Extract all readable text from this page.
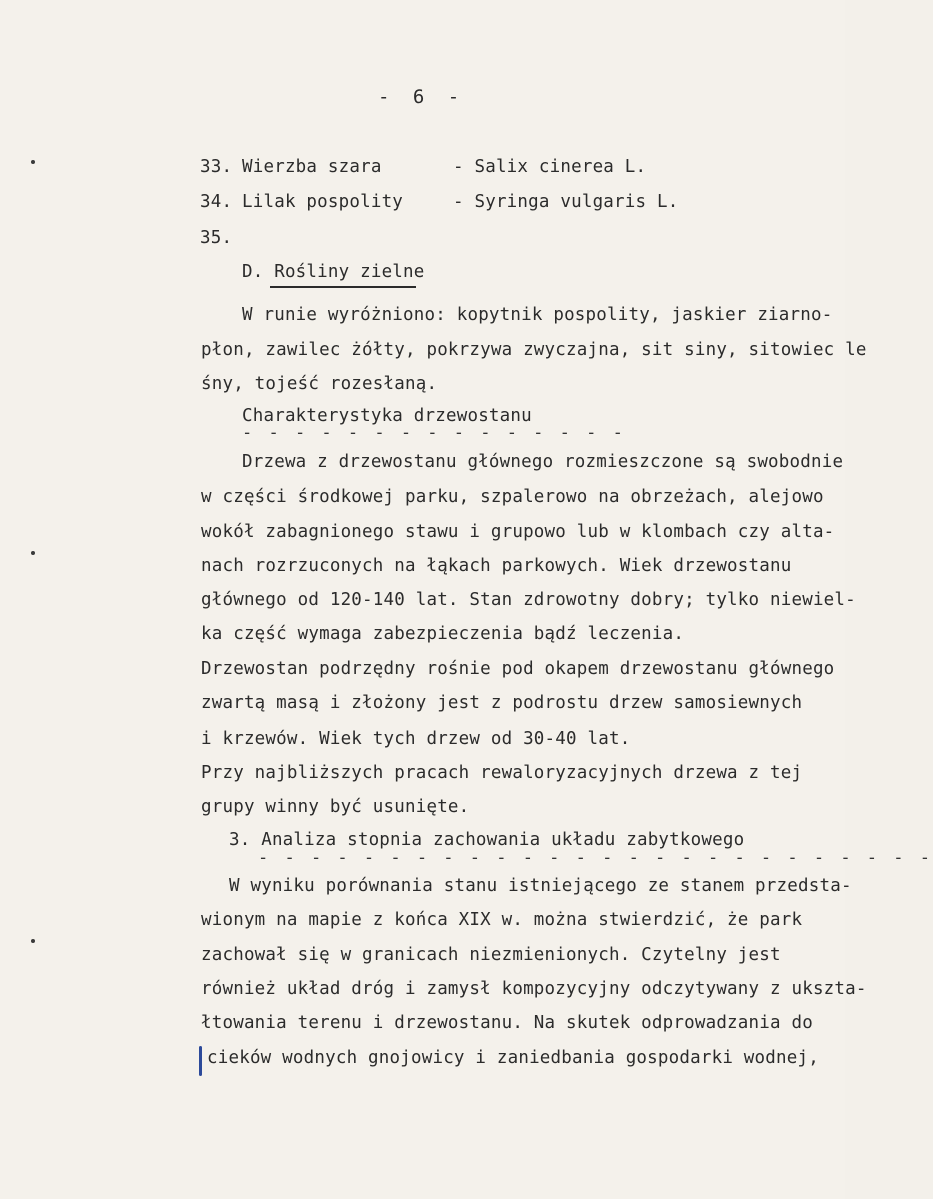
- 6 -
33. Wierzba szara	- Salix cinerea L.
34. Lilak pospolity	- Syringa vulgaris L.
35.
D. Rośliny zielne
W runie wyróżniono: kopytnik pospolity, jaskier ziarno-
płon, zawilec żółty, pokrzywa zwyczajna, sit siny, sitowiec le
śny, tojeść rozesłaną.
Charakterystyka drzewostanu
- - - - - - - - - - - - - - -
Drzewa z drzewostanu głównego rozmieszczone są swobodnie
w części środkowej parku, szpalerowo na obrzeżach, alejowo
wokół zabagnionego stawu i grupowo lub w klombach czy alta-
nach rozrzuconych na łąkach parkowych. Wiek drzewostanu
głównego od 120-140 lat. Stan zdrowotny dobry; tylko niewiel-
ka część wymaga zabezpieczenia bądź leczenia.
Drzewostan podrzędny rośnie pod okapem drzewostanu głównego
zwartą masą i złożony jest z podrostu drzew samosiewnych
i krzewów. Wiek tych drzew od 30-40 lat.
Przy najbliższych pracach rewaloryzacyjnych drzewa z tej
grupy winny być usunięte.
3. Analiza stopnia zachowania układu zabytkowego
- - - - - - - - - - - - - - - - - - - - - - - - - -
W wyniku porównania stanu istniejącego ze stanem przedsta-
wionym na mapie z końca XIX w. można stwierdzić, że park
zachował się w granicach niezmienionych. Czytelny jest
również układ dróg i zamysł kompozycyjny odczytywany z ukszta-
łtowania terenu i drzewostanu. Na skutek odprowadzania do
cieków wodnych gnojowicy i zaniedbania gospodarki wodnej,
